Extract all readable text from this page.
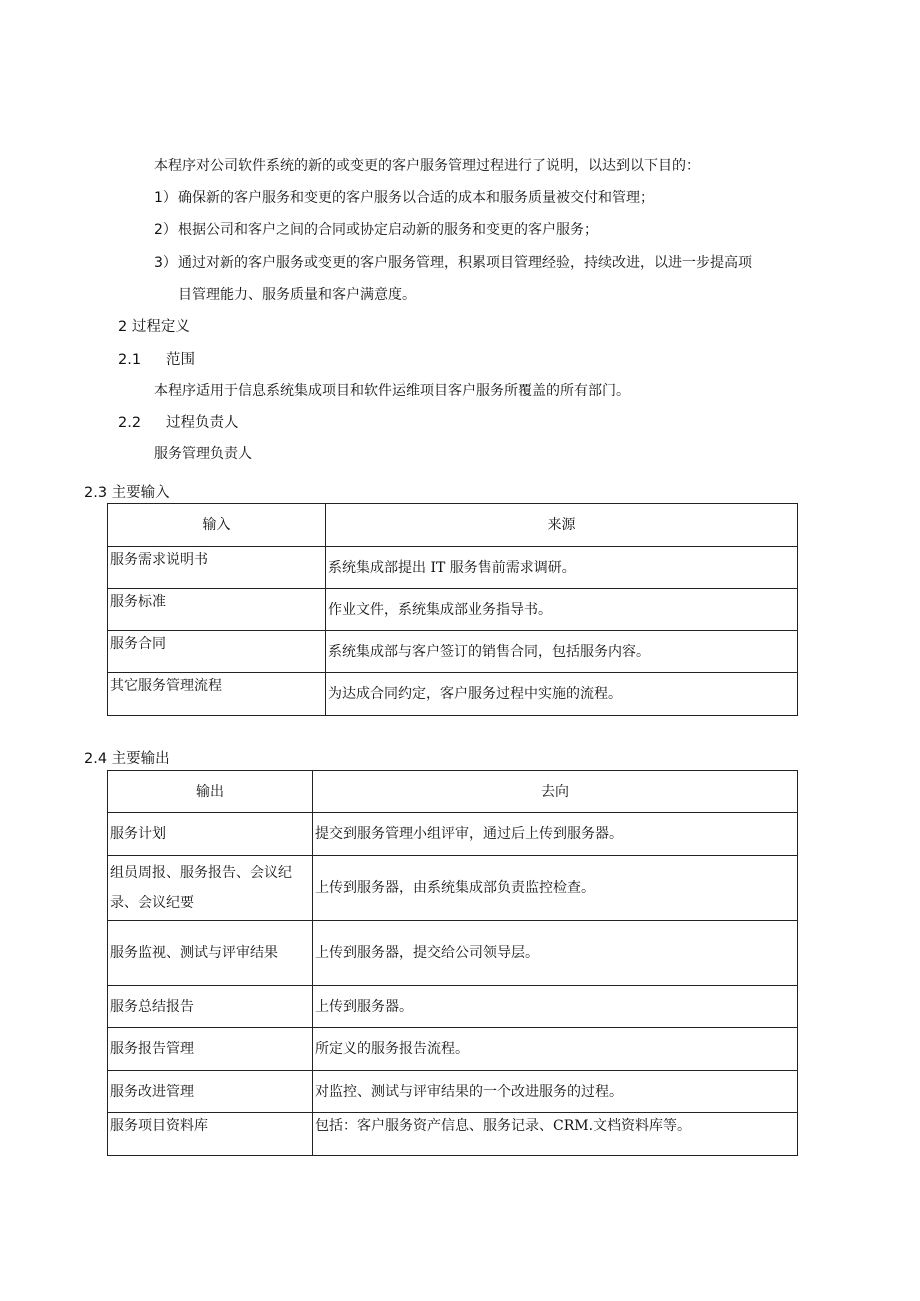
本程序对公司软件系统的新的或变更的客户服务管理过程进行了说明，以达到以下目的：
1） 确保新的客户服务和变更的客户服务以合适的成本和服务质量被交付和管理；
2） 根据公司和客户之间的合同或协定启动新的服务和变更的客户服务；
3） 通过对新的客户服务或变更的客户服务管理，积累项目管理经验，持续改进，以进一步提高项
目管理能力、服务质量和客户满意度。
2 过程定义
2.1 范围
本程序适用于信息系统集成项目和软件运维项目客户服务所覆盖的所有部门。
2.2 过程负责人
服务管理负责人
2.3 主要输入
输入	来源
服务需求说明书	系统集成部提出 IT 服务售前需求调研。
服务标准	作业文件，系统集成部业务指导书。
服务合同	系统集成部与客户签订的销售合同，包括服务内容。
其它服务管理流程	为达成合同约定，客户服务过程中实施的流程。
2.4 主要输出
输出	去向
服务计划	提交到服务管理小组评审，通过后上传到服务器。
组员周报、服务报告、会议纪录、会议纪要	上传到服务器，由系统集成部负责监控检查。
服务监视、测试与评审结果	上传到服务器，提交给公司领导层。
服务总结报告	上传到服务器。
服务报告管理	所定义的服务报告流程。
服务改进管理	对监控、测试与评审结果的一个改进服务的过程。
服务项目资料库	包括：客户服务资产信息、服务记录、CRM.文档资料库等。
